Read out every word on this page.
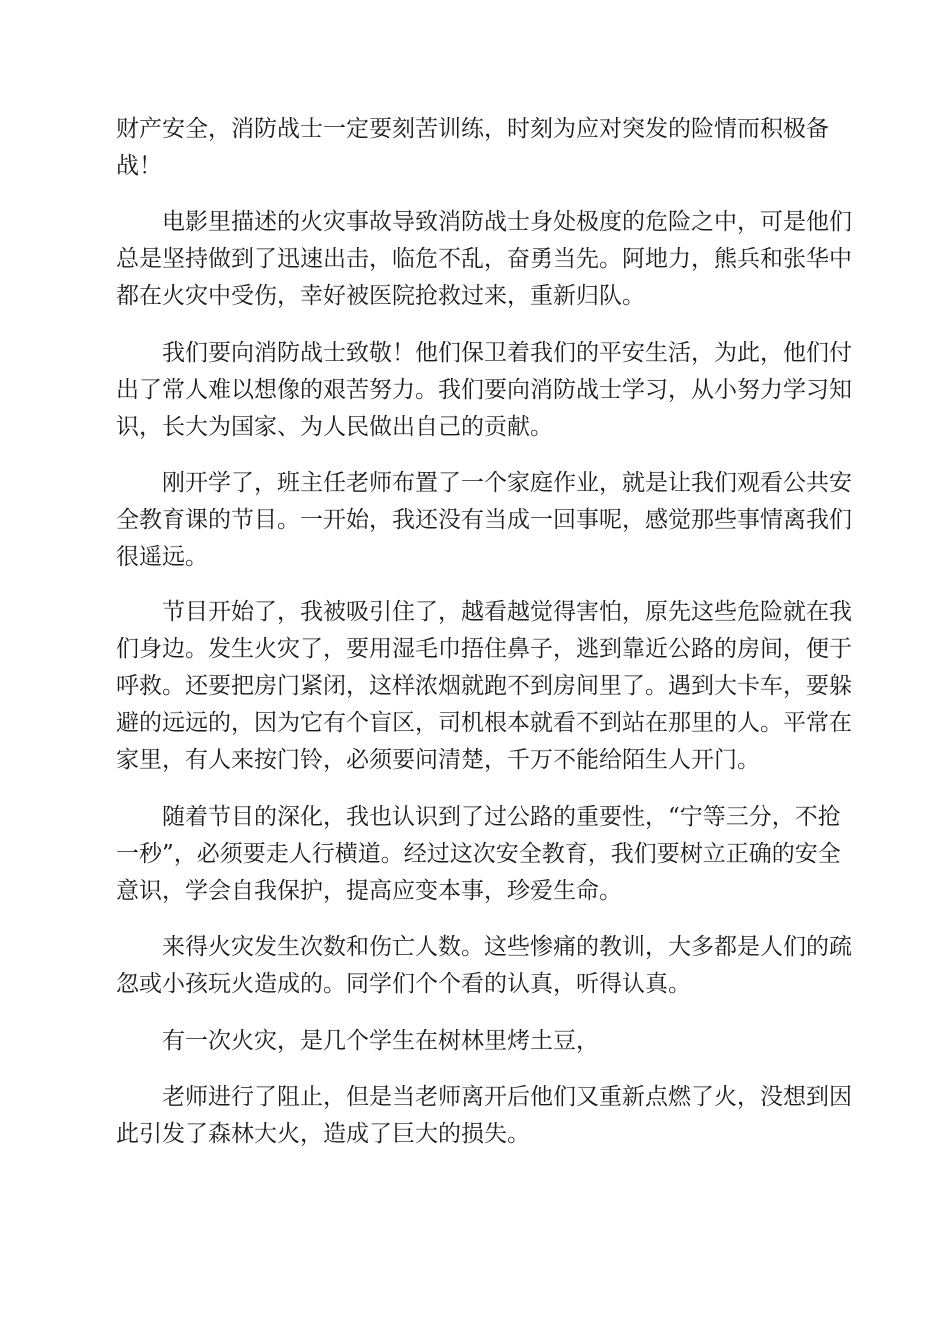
财产安全，消防战士一定要刻苦训练，时刻为应对突发的险情而积极备
战！

电影里描述的火灾事故导致消防战士身处极度的危险之中，可是他们
总是坚持做到了迅速出击，临危不乱，奋勇当先。阿地力，熊兵和张华中
都在火灾中受伤，幸好被医院抢救过来，重新归队。

我们要向消防战士致敬！他们保卫着我们的平安生活，为此，他们付
出了常人难以想像的艰苦努力。我们要向消防战士学习，从小努力学习知
识，长大为国家、为人民做出自己的贡献。

刚开学了，班主任老师布置了一个家庭作业，就是让我们观看公共安
全教育课的节目。一开始，我还没有当成一回事呢，感觉那些事情离我们
很遥远。

节目开始了，我被吸引住了，越看越觉得害怕，原先这些危险就在我
们身边。发生火灾了，要用湿毛巾捂住鼻子，逃到靠近公路的房间，便于
呼救。还要把房门紧闭，这样浓烟就跑不到房间里了。遇到大卡车，要躲
避的远远的，因为它有个盲区，司机根本就看不到站在那里的人。平常在
家里，有人来按门铃，必须要问清楚，千万不能给陌生人开门。

随着节目的深化，我也认识到了过公路的重要性，“宁等三分，不抢
一秒”，必须要走人行横道。经过这次安全教育，我们要树立正确的安全
意识，学会自我保护，提高应变本事，珍爱生命。

来得火灾发生次数和伤亡人数。这些惨痛的教训，大多都是人们的疏
忽或小孩玩火造成的。同学们个个看的认真，听得认真。

有一次火灾，是几个学生在树林里烤土豆，

老师进行了阻止，但是当老师离开后他们又重新点燃了火，没想到因
此引发了森林大火，造成了巨大的损失。
